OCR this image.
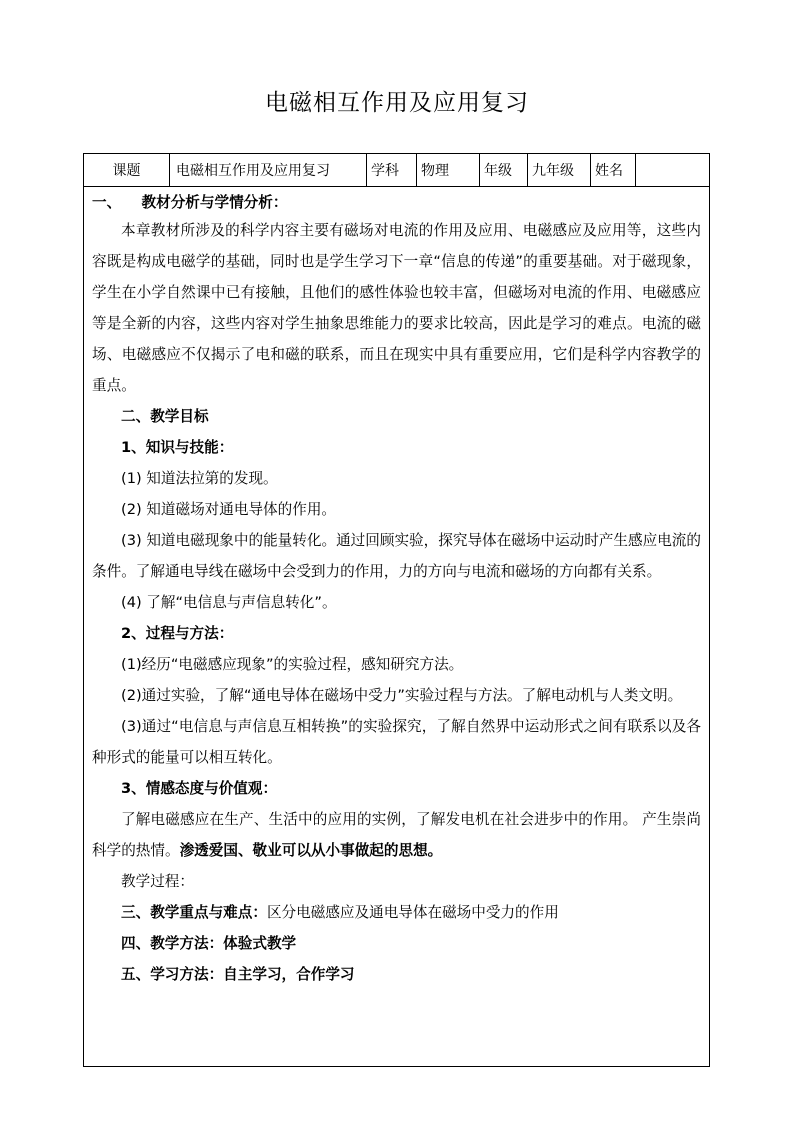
电磁相互作用及应用复习
课题	电磁相互作用及应用复习	学科	物理	年级	九年级	姓名
一、    教材分析与学情分析：
本章教材所涉及的科学内容主要有磁场对电流的作用及应用、电磁感应及应用等，这些内容既是构成电磁学的基础，同时也是学生学习下一章“信息的传递”的重要基础。对于磁现象，学生在小学自然课中已有接触，且他们的感性体验也较丰富，但磁场对电流的作用、电磁感应等是全新的内容，这些内容对学生抽象思维能力的要求比较高，因此是学习的难点。电流的磁场、电磁感应不仅揭示了电和磁的联系，而且在现实中具有重要应用，它们是科学内容教学的重点。
二、教学目标
1、知识与技能：
(1) 知道法拉第的发现。
(2) 知道磁场对通电导体的作用。
(3) 知道电磁现象中的能量转化。通过回顾实验，探究导体在磁场中运动时产生感应电流的条件。了解通电导线在磁场中会受到力的作用，力的方向与电流和磁场的方向都有关系。
(4) 了解“电信息与声信息转化”。
2、过程与方法：
(1)经历“电磁感应现象”的实验过程，感知研究方法。
(2)通过实验，了解“通电导体在磁场中受力”实验过程与方法。了解电动机与人类文明。
(3)通过“电信息与声信息互相转换”的实验探究，了解自然界中运动形式之间有联系以及各种形式的能量可以相互转化。
3、情感态度与价值观：
了解电磁感应在生产、生活中的应用的实例，了解发电机在社会进步中的作用。 产生崇尚科学的热情。渗透爱国、敬业可以从小事做起的思想。
教学过程：
三、教学重点与难点：区分电磁感应及通电导体在磁场中受力的作用
四、教学方法：体验式教学
五、学习方法：自主学习，合作学习
